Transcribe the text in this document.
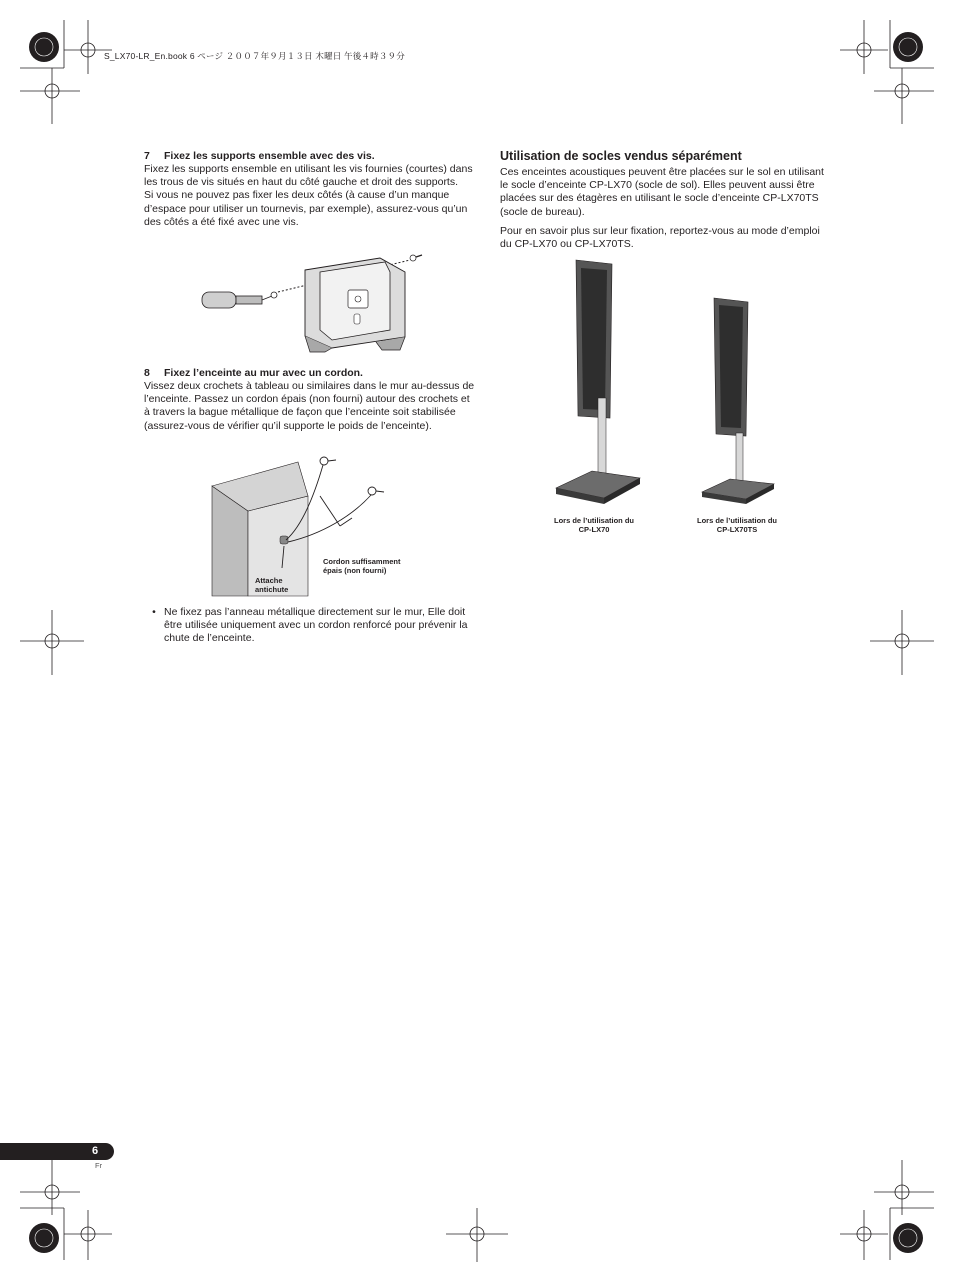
S_LX70-LR_En.book 6 ページ ２００７年９月１３日 木曜日 午後４時３９分
7 Fixez les supports ensemble avec des vis.

Fixez les supports ensemble en utilisant les vis fournies (courtes) dans les trous de vis situés en haut du côté gauche et droit des supports.

Si vous ne pouvez pas fixer les deux côtés (à cause d’un manque d’espace pour utiliser un tournevis, par exemple), assurez-vous qu’un des côtés a été fixé avec une vis.

8 Fixez l’enceinte au mur avec un cordon.

Vissez deux crochets à tableau ou similaires dans le mur au-dessus de l’enceinte. Passez un cordon épais (non fourni) autour des crochets et à travers la bague métallique de façon que l’enceinte soit stabilisée (assurez-vous de vérifier qu’il supporte le poids de l’enceinte).

Cordon suffisamment
épais (non fourni)
Attache
antichute
• Ne fixez pas l’anneau métallique directement sur le mur, Elle doit être utilisée uniquement avec un cordon renforcé pour prévenir la chute de l’enceinte.
Utilisation de socles vendus séparément

Ces enceintes acoustiques peuvent être placées sur le sol en utilisant le socle d’enceinte CP-LX70 (socle de sol). Elles peuvent aussi être placées sur des étagères en utilisant le socle d’enceinte CP-LX70TS (socle de bureau).

Pour en savoir plus sur leur fixation, reportez-vous au mode d’emploi du CP-LX70 ou CP-LX70TS.

Lors de l’utilisation du
CP-LX70
Lors de l’utilisation du
CP-LX70TS
6
Fr
